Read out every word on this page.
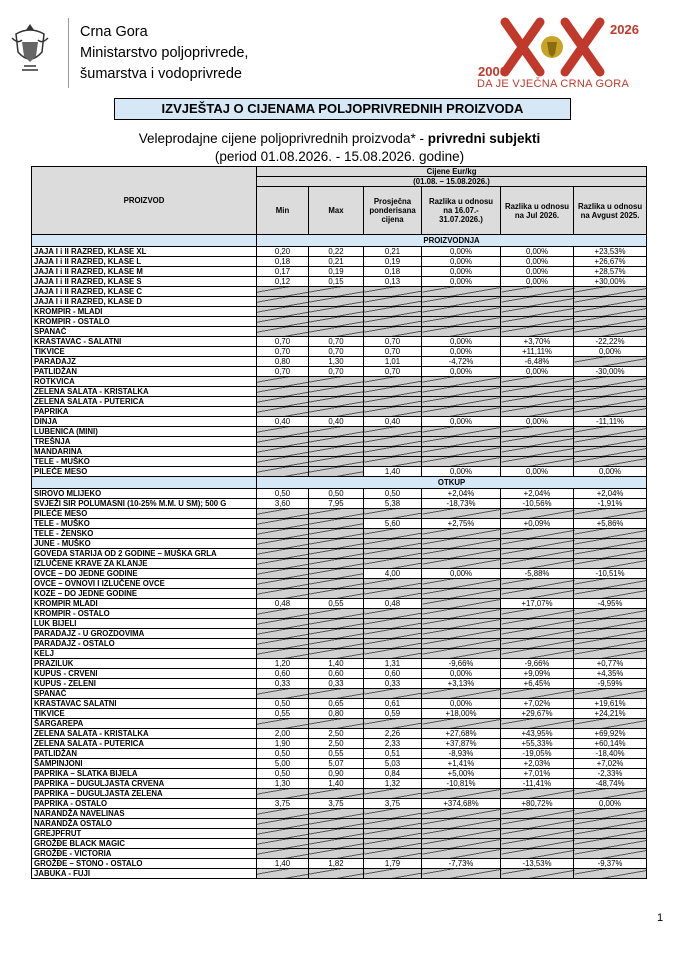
Crna Gora
Ministarstvo poljoprivrede,
šumarstva i vodoprivrede
2026
2006
DA JE VJEČNA CRNA GORA
IZVJEŠTAJ O CIJENAMA POLJOPRIVREDNIH PROIZVODA
Veleprodajne cijene poljoprivrednih proizvoda* - privredni subjekti
(period 01.08.2026. - 15.08.2026. godine)
PROIZVOD	Cijene Eur/kg					
	(01.08. – 15.08.2026.)					
	Min	Max	Prosječna ponderisana cijena	Razlika u odnosu na 16.07.- 31.07.2026.)	Razlika u odnosu na Jul 2026.	Razlika u odnosu na Avgust 2025.
	PROIZVODNJA					
JAJA I i II RAZRED, KLASE XL	0,20	0,22	0,21	0,00%	0,00%	+23,53%
JAJA I i II RAZRED, KLASE L	0,18	0,21	0,19	0,00%	0,00%	+26,67%
JAJA I i II RAZRED, KLASE M	0,17	0,19	0,18	0,00%	0,00%	+28,57%
JAJA I i II RAZRED, KLASE S	0,12	0,15	0,13	0,00%	0,00%	+30,00%
JAJA I i II RAZRED, KLASE C						
JAJA I i II RAZRED, KLASE D						
KROMPIR - MLADI						
KROMPIR - OSTALO						
SPANAĆ						
KRASTAVAC - SALATNI	0,70	0,70	0,70	0,00%	+3,70%	-22,22%
TIKVICE	0,70	0,70	0,70	0,00%	+11,11%	0,00%
PARADAJZ	0,80	1,30	1,01	-4,72%	-6,48%	
PATLIDŽAN	0,70	0,70	0,70	0,00%	0,00%	-30,00%
ROTKVICA						
ZELENA SALATA - KRISTALKA						
ZELENA SALATA - PUTERICA						
PAPRIKA						
DINJA	0,40	0,40	0,40	0,00%	0,00%	-11,11%
LUBENICA (MINI)						
TREŠNJA						
MANDARINA						
TELE - MUŠKO						
PILEĆE MESO			1,40	0,00%	0,00%	0,00%
	OTKUP					
SIROVO MLIJEKO	0,50	0,50	0,50	+2,04%	+2,04%	+2,04%
SVJEŽI SIR POLUMASNI (10-25% M.M. U SM); 500 G	3,60	7,95	5,38	-18,73%	-10,56%	-1,91%
PILEĆE MESO						
TELE - MUŠKO			5,60	+2,75%	+0,09%	+5,86%
TELE - ŽENSKO						
JUNE - MUŠKO						
GOVEDA STARIJA OD 2 GODINE – MUŠKA GRLA						
IZLUČENE KRAVE ZA KLANJE						
OVCE – DO JEDNE GODINE			4,00	0,00%	-5,88%	-10,51%
OVCE – OVNOVI I IZLUČENE OVCE						
KOZE – DO JEDNE GODINE						
KROMPIR MLADI	0,48	0,55	0,48		+17,07%	-4,95%
KROMPIR - OSTALO						
LUK BIJELI						
PARADAJZ - U GROZDOVIMA						
PARADAJZ - OSTALO						
KELJ						
PRAZILUK	1,20	1,40	1,31	-9,66%	-9,66%	+0,77%
KUPUS - CRVENI	0,60	0,60	0,60	0,00%	+9,09%	+4,35%
KUPUS - ZELENI	0,33	0,33	0,33	+3,13%	+6,45%	-9,59%
SPANAĆ						
KRASTAVAC SALATNI	0,50	0,65	0,61	0,00%	+7,02%	+19,61%
TIKVICE	0,55	0,80	0,59	+18,00%	+29,67%	+24,21%
ŠARGAREPA						
ZELENA SALATA - KRISTALKA	2,00	2,50	2,26	+27,68%	+43,95%	+69,92%
ZELENA SALATA - PUTERICA	1,90	2,50	2,33	+37,87%	+55,33%	+60,14%
PATLIDŽAN	0,50	0,55	0,51	-8,93%	-19,05%	-18,40%
ŠAMPINJONI	5,00	5,07	5,03	+1,41%	+2,03%	+7,02%
PAPRIKA – SLATKA BIJELA	0,50	0,90	0,84	+5,00%	+7,01%	-2,33%
PAPRIKA – DUGULJASTA CRVENA	1,30	1,40	1,32	-10,81%	-11,41%	-48,74%
PAPRIKA – DUGULJASTA ZELENA						
PAPRIKA - OSTALO	3,75	3,75	3,75	+374,68%	+80,72%	0,00%
NARANDŽA NAVELINAS						
NARANDŽA OSTALO						
GREJPFRUT						
GROŽĐE BLACK MAGIC						
GROŽĐE - VICTORIA						
GROŽĐE – STONO - OSTALO	1,40	1,82	1,79	-7,73%	-13,53%	-9,37%
JABUKA - FUJI						
1
